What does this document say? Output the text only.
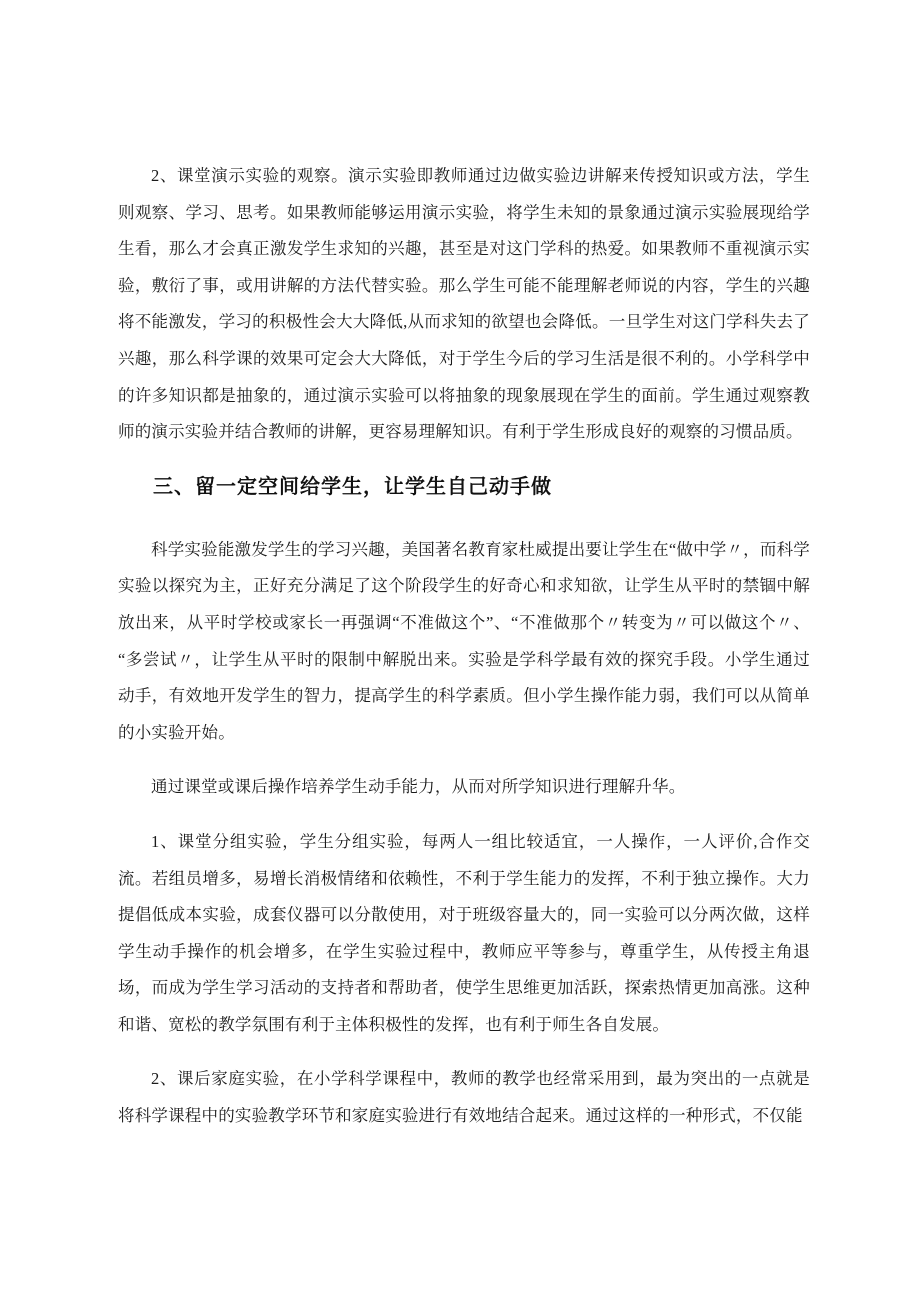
2、课堂演示实验的观察。演示实验即教师通过边做实验边讲解来传授知识或方法，学生则观察、学习、思考。如果教师能够运用演示实验，将学生未知的景象通过演示实验展现给学生看，那么才会真正激发学生求知的兴趣，甚至是对这门学科的热爱。如果教师不重视演示实验，敷衍了事，或用讲解的方法代替实验。那么学生可能不能理解老师说的内容，学生的兴趣将不能激发，学习的积极性会大大降低,从而求知的欲望也会降低。一旦学生对这门学科失去了兴趣，那么科学课的效果可定会大大降低，对于学生今后的学习生活是很不利的。小学科学中的许多知识都是抽象的，通过演示实验可以将抽象的现象展现在学生的面前。学生通过观察教师的演示实验并结合教师的讲解，更容易理解知识。有利于学生形成良好的观察的习惯品质。

三、留一定空间给学生，让学生自己动手做

科学实验能激发学生的学习兴趣，美国著名教育家杜威提出要让学生在“做中学〃，而科学实验以探究为主，正好充分满足了这个阶段学生的好奇心和求知欲，让学生从平时的禁锢中解放出来，从平时学校或家长一再强调“不准做这个”、“不准做那个〃转变为〃可以做这个〃、“多尝试〃，让学生从平时的限制中解脱出来。实验是学科学最有效的探究手段。小学生通过动手，有效地开发学生的智力，提高学生的科学素质。但小学生操作能力弱，我们可以从简单的小实验开始。

通过课堂或课后操作培养学生动手能力，从而对所学知识进行理解升华。

1、课堂分组实验，学生分组实验，每两人一组比较适宜，一人操作，一人评价,合作交流。若组员增多，易增长消极情绪和依赖性，不利于学生能力的发挥，不利于独立操作。大力提倡低成本实验，成套仪器可以分散使用，对于班级容量大的，同一实验可以分两次做，这样学生动手操作的机会增多，在学生实验过程中，教师应平等参与，尊重学生，从传授主角退场，而成为学生学习活动的支持者和帮助者，使学生思维更加活跃，探索热情更加高涨。这种和谐、宽松的教学氛围有利于主体积极性的发挥，也有利于师生各自发展。

2、课后家庭实验，在小学科学课程中，教师的教学也经常采用到，最为突出的一点就是将科学课程中的实验教学环节和家庭实验进行有效地结合起来。通过这样的一种形式，不仅能
